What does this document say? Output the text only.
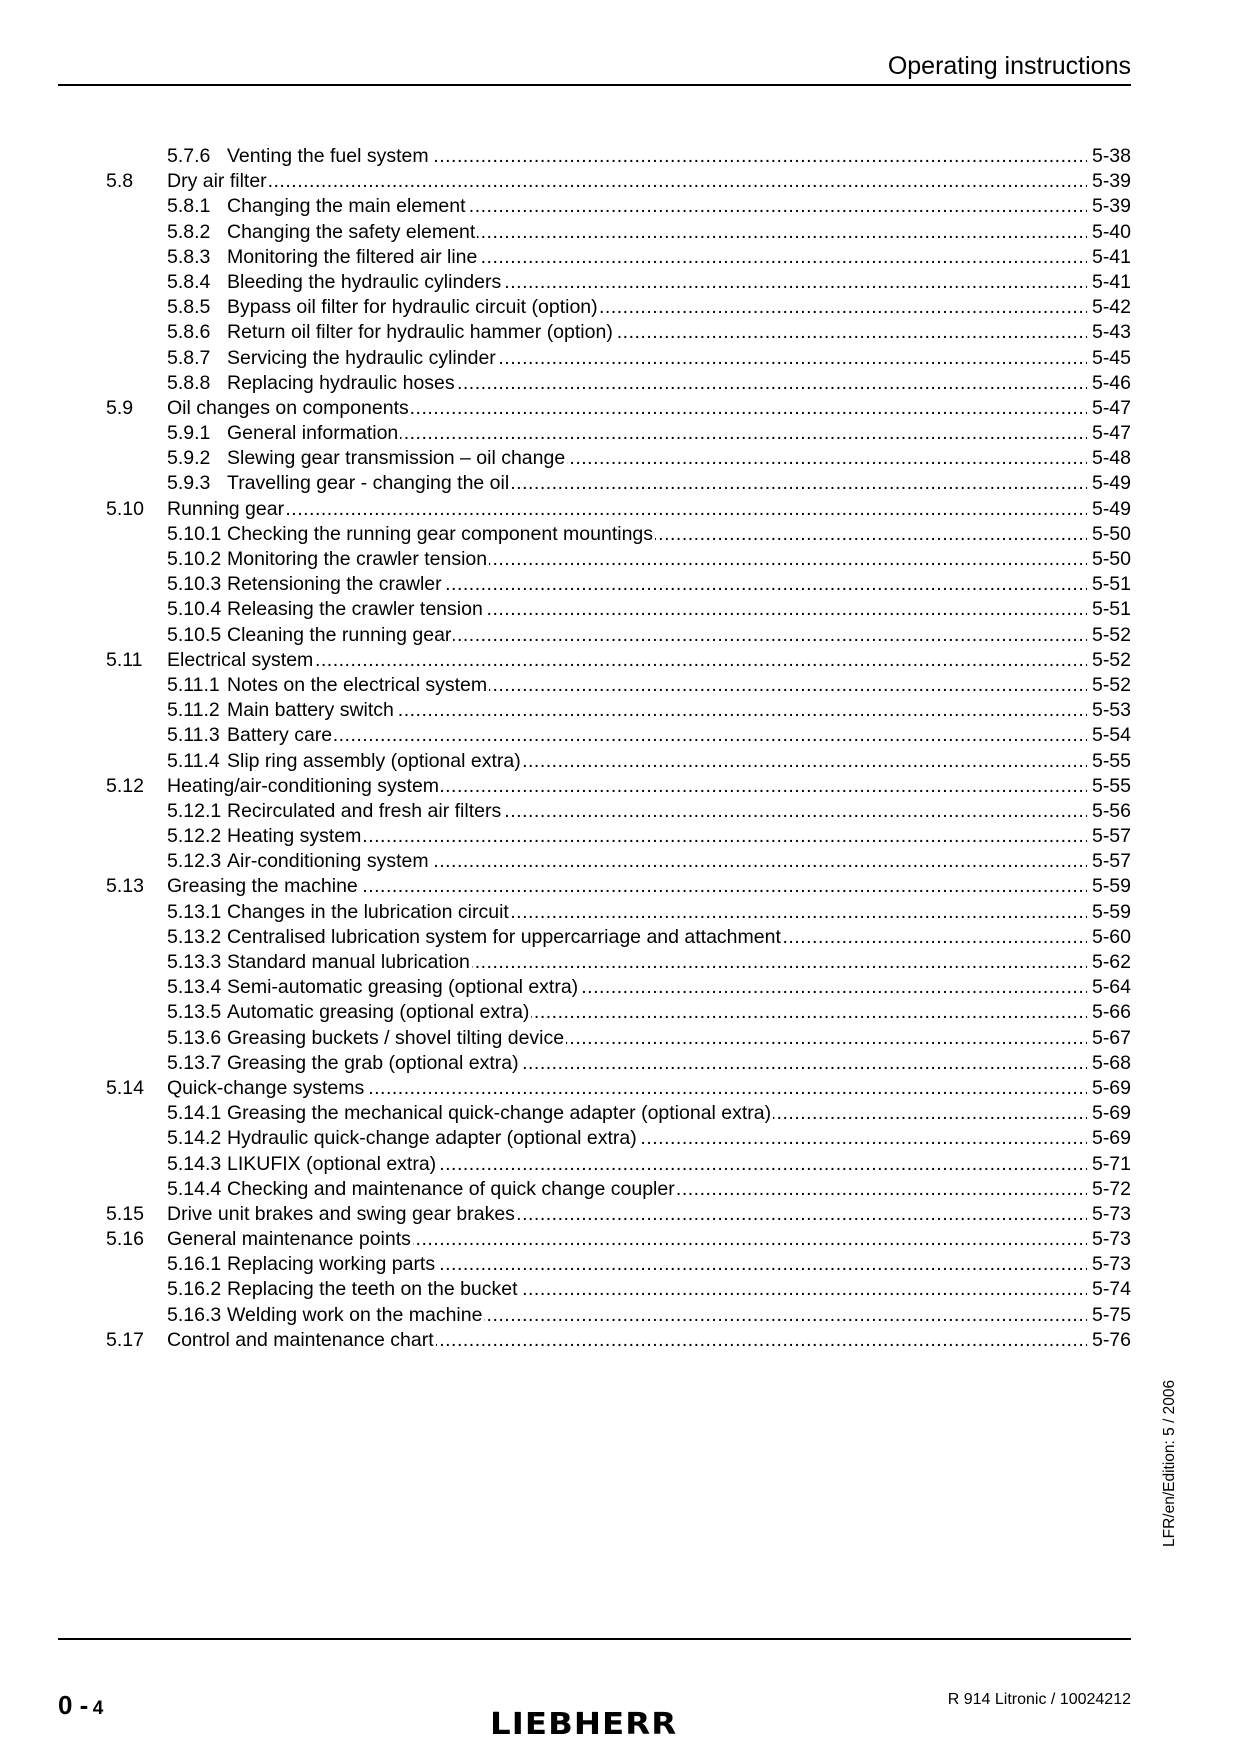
Operating instructions
5.7.6 Venting the fuel system .....	5-38
5.8 Dry air filter .....	5-39
5.8.1 Changing the main element .....	5-39
5.8.2 Changing the safety element .....	5-40
5.8.3 Monitoring the filtered air line .....	5-41
5.8.4 Bleeding the hydraulic cylinders .....	5-41
5.8.5 Bypass oil filter for hydraulic circuit (option) .....	5-42
5.8.6 Return oil filter for hydraulic hammer (option) .....	5-43
5.8.7 Servicing the hydraulic cylinder .....	5-45
5.8.8 Replacing hydraulic hoses .....	5-46
5.9 Oil changes on components .....	5-47
5.9.1 General information .....	5-47
5.9.2 Slewing gear transmission – oil change .....	5-48
5.9.3 Travelling gear - changing the oil .....	5-49
5.10 Running gear .....	5-49
5.10.1 Checking the running gear component mountings .....	5-50
5.10.2 Monitoring the crawler tension .....	5-50
5.10.3 Retensioning the crawler .....	5-51
5.10.4 Releasing the crawler tension .....	5-51
5.10.5 Cleaning the running gear .....	5-52
5.11 Electrical system .....	5-52
5.11.1 Notes on the electrical system .....	5-52
5.11.2 Main battery switch .....	5-53
5.11.3 Battery care .....	5-54
5.11.4 Slip ring assembly (optional extra) .....	5-55
5.12 Heating/air-conditioning system .....	5-55
5.12.1 Recirculated and fresh air filters .....	5-56
5.12.2 Heating system .....	5-57
5.12.3 Air-conditioning system .....	5-57
5.13 Greasing the machine .....	5-59
5.13.1 Changes in the lubrication circuit .....	5-59
5.13.2 Centralised lubrication system for uppercarriage and attachment .....	5-60
5.13.3 Standard manual lubrication .....	5-62
5.13.4 Semi-automatic greasing (optional extra) .....	5-64
5.13.5 Automatic greasing (optional extra) .....	5-66
5.13.6 Greasing buckets / shovel tilting device .....	5-67
5.13.7 Greasing the grab (optional extra) .....	5-68
5.14 Quick-change systems .....	5-69
5.14.1 Greasing the mechanical quick-change adapter (optional extra) .....	5-69
5.14.2 Hydraulic quick-change adapter (optional extra) .....	5-69
5.14.3 LIKUFIX (optional extra) .....	5-71
5.14.4 Checking and maintenance of quick change coupler .....	5-72
5.15 Drive unit brakes and swing gear brakes .....	5-73
5.16 General maintenance points .....	5-73
5.16.1 Replacing working parts .....	5-73
5.16.2 Replacing the teeth on the bucket .....	5-74
5.16.3 Welding work on the machine .....	5-75
5.17 Control and maintenance chart .....	5-76
LFR/en/Edition: 5 / 2006
0 - 4	LIEBHERR
R 914 Litronic / 10024212
